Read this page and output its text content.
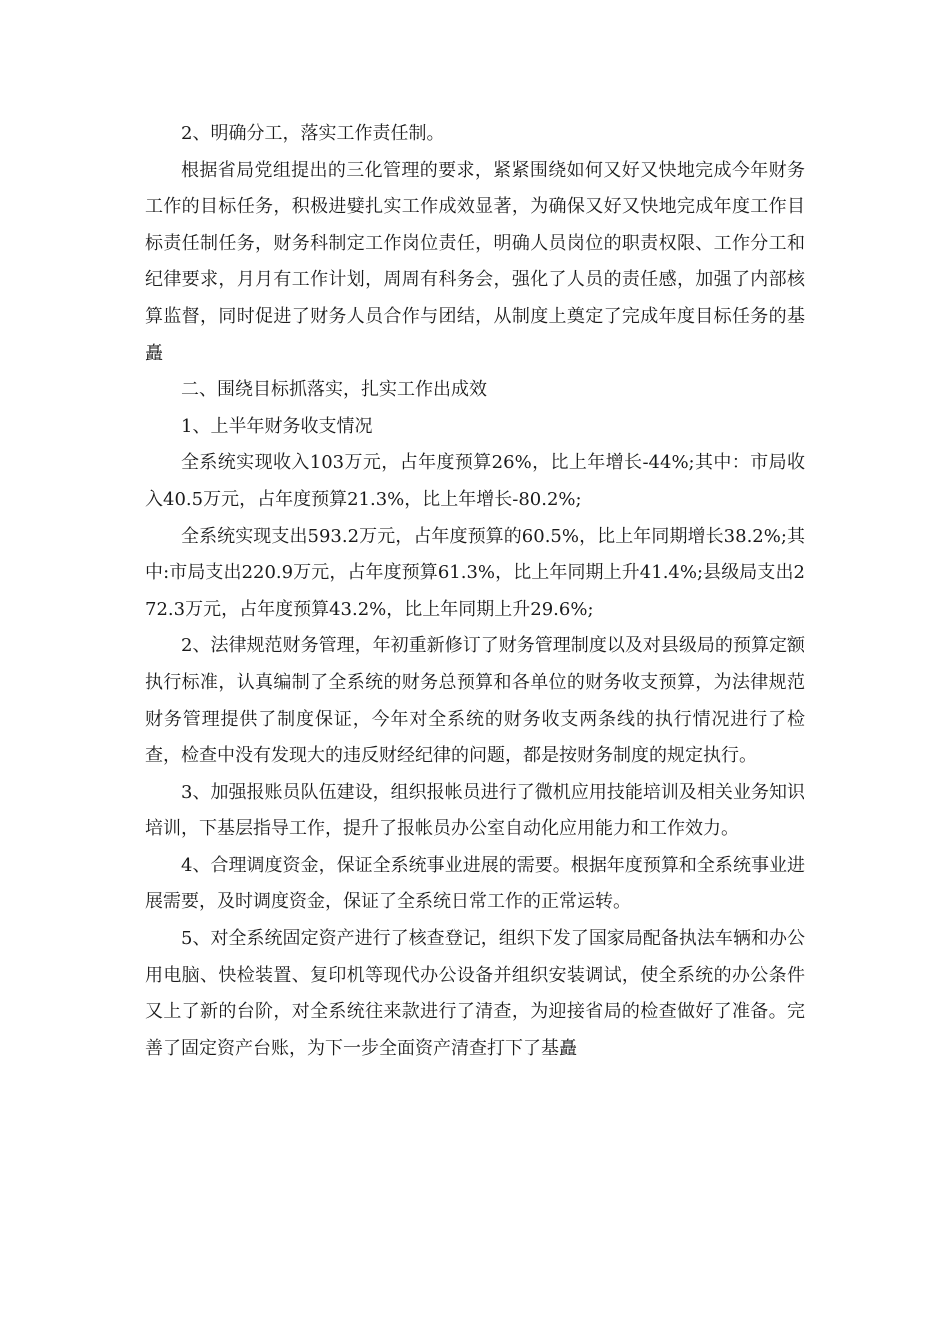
2、明确分工，落实工作责任制。

根据省局党组提出的三化管理的要求，紧紧围绕如何又好又快地完成今年财务工作的目标任务，积极进嬖扎实工作成效显著，为确保又好又快地完成年度工作目标责任制任务，财务科制定工作岗位责任，明确人员岗位的职责权限、工作分工和纪律要求，月月有工作计划，周周有科务会，强化了人员的责任感，加强了内部核算监督，同时促进了财务人员合作与团结，从制度上奠定了完成年度目标任务的基矗

二、围绕目标抓落实，扎实工作出成效

1、上半年财务收支情况

全系统实现收入103万元，占年度预算26%，比上年增长-44%;其中：市局收入40.5万元，占年度预算21.3%，比上年增长-80.2%;

全系统实现支出593.2万元，占年度预算的60.5%，比上年同期增长38.2%;其中:市局支出220.9万元，占年度预算61.3%，比上年同期上升41.4%;县级局支出272.3万元，占年度预算43.2%，比上年同期上升29.6%;

2、法律规范财务管理，年初重新修订了财务管理制度以及对县级局的预算定额执行标准，认真编制了全系统的财务总预算和各单位的财务收支预算，为法律规范财务管理提供了制度保证，今年对全系统的财务收支两条线的执行情况进行了检查，检查中没有发现大的违反财经纪律的问题，都是按财务制度的规定执行。

3、加强报账员队伍建设，组织报帐员进行了微机应用技能培训及相关业务知识培训，下基层指导工作，提升了报帐员办公室自动化应用能力和工作效力。

4、合理调度资金，保证全系统事业进展的需要。根据年度预算和全系统事业进展需要，及时调度资金，保证了全系统日常工作的正常运转。

5、对全系统固定资产进行了核查登记，组织下发了国家局配备执法车辆和办公用电脑、快检装置、复印机等现代办公设备并组织安装调试，使全系统的办公条件又上了新的台阶，对全系统往来款进行了清查，为迎接省局的检查做好了准备。完善了固定资产台账，为下一步全面资产清查打下了基矗
